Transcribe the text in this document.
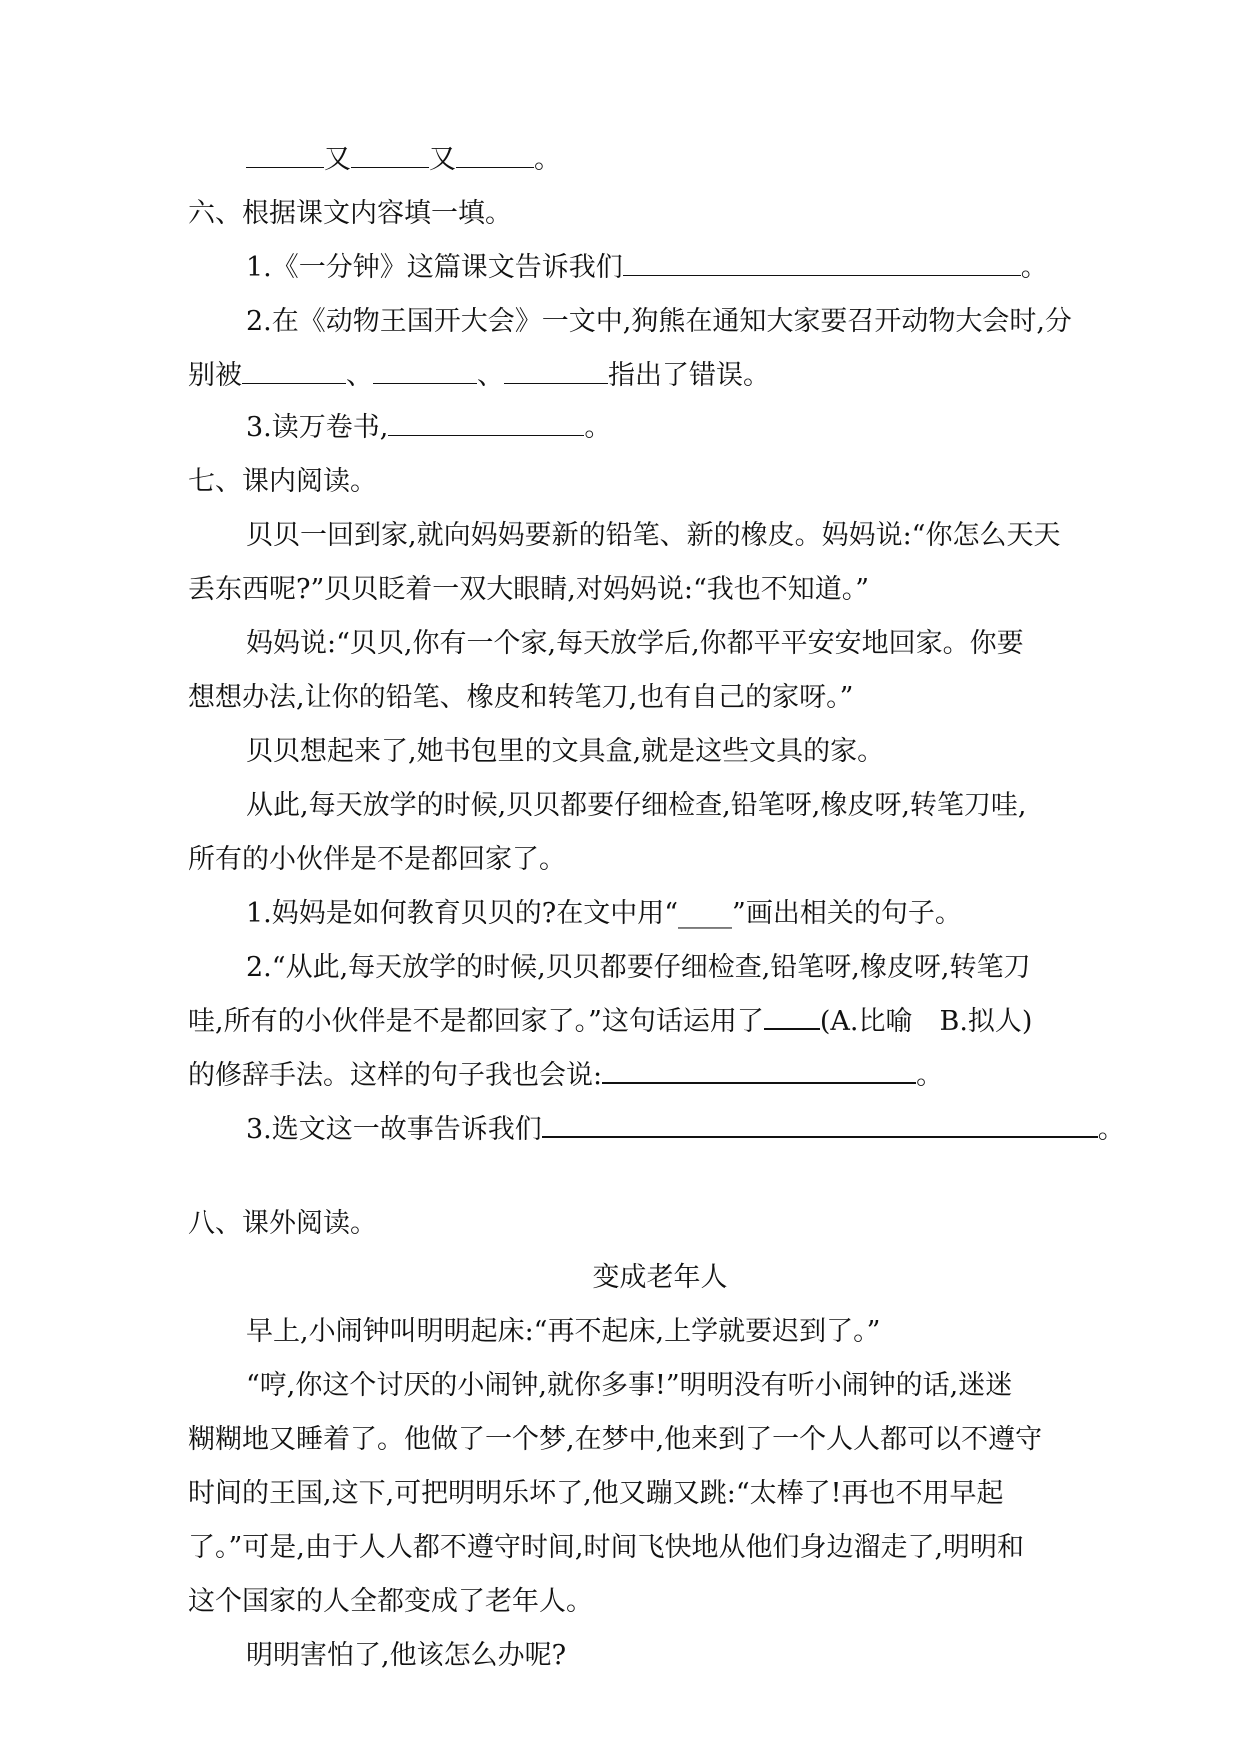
又	又	。
六、根据课文内容填一填。
1.《一分钟》这篇课文告诉我们	。
2.在《动物王国开大会》一文中,狗熊在通知大家要召开动物大会时,分
别被	、	、	指出了错误。
3.读万卷书,	。
七、课内阅读。
贝贝一回到家,就向妈妈要新的铅笔、新的橡皮。妈妈说:“你怎么天天
丢东西呢?”贝贝眨着一双大眼睛,对妈妈说:“我也不知道。”
妈妈说:“贝贝,你有一个家,每天放学后,你都平平安安地回家。你要
想想办法,让你的铅笔、橡皮和转笔刀,也有自己的家呀。”
贝贝想起来了,她书包里的文具盒,就是这些文具的家。
从此,每天放学的时候,贝贝都要仔细检查,铅笔呀,橡皮呀,转笔刀哇,
所有的小伙伴是不是都回家了。
1.妈妈是如何教育贝贝的?在文中用“____”画出相关的句子。
2.“从此,每天放学的时候,贝贝都要仔细检查,铅笔呀,橡皮呀,转笔刀
哇,所有的小伙伴是不是都回家了。”这句话运用了 (A.比喻　B.拟人)
的修辞手法。这样的句子我也会说:	。
3.选文这一故事告诉我们	。
八、课外阅读。
变成老年人
早上,小闹钟叫明明起床:“再不起床,上学就要迟到了。”
“哼,你这个讨厌的小闹钟,就你多事!”明明没有听小闹钟的话,迷迷
糊糊地又睡着了。他做了一个梦,在梦中,他来到了一个人人都可以不遵守
时间的王国,这下,可把明明乐坏了,他又蹦又跳:“太棒了!再也不用早起
了。”可是,由于人人都不遵守时间,时间飞快地从他们身边溜走了,明明和
这个国家的人全都变成了老年人。
明明害怕了,他该怎么办呢?
